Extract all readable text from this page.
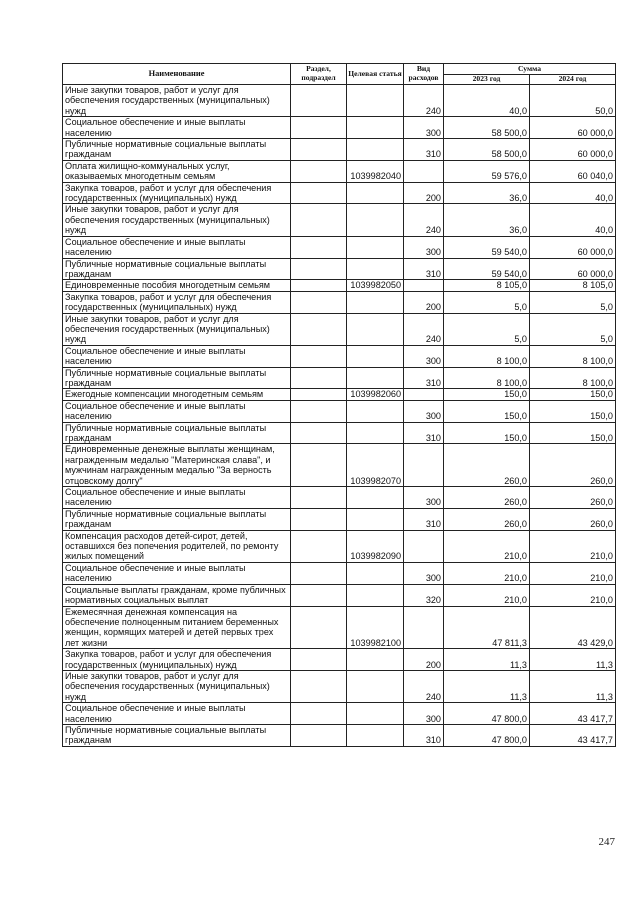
Наименование	Раздел, подраздел	Целевая статья	Вид расходов	Сумма	
				2023 год	2024 год
Иные закупки товаров, работ и услуг для обеспечения государственных (муниципальных) нужд			240	40,0	50,0
Социальное обеспечение и иные выплаты населению			300	58 500,0	60 000,0
Публичные нормативные социальные выплаты гражданам			310	58 500,0	60 000,0
Оплата жилищно-коммунальных услуг, оказываемых многодетным семьям		1039982040		59 576,0	60 040,0
Закупка товаров, работ и услуг для обеспечения государственных (муниципальных) нужд			200	36,0	40,0
Иные закупки товаров, работ и услуг для обеспечения государственных (муниципальных) нужд			240	36,0	40,0
Социальное обеспечение и иные выплаты населению			300	59 540,0	60 000,0
Публичные нормативные социальные выплаты гражданам			310	59 540,0	60 000,0
Единовременные пособия многодетным семьям		1039982050		8 105,0	8 105,0
Закупка товаров, работ и услуг для обеспечения государственных (муниципальных) нужд			200	5,0	5,0
Иные закупки товаров, работ и услуг для обеспечения государственных (муниципальных) нужд			240	5,0	5,0
Социальное обеспечение и иные выплаты населению			300	8 100,0	8 100,0
Публичные нормативные социальные выплаты гражданам			310	8 100,0	8 100,0
Ежегодные компенсации многодетным семьям		1039982060		150,0	150,0
Социальное обеспечение и иные выплаты населению			300	150,0	150,0
Публичные нормативные социальные выплаты гражданам			310	150,0	150,0
Единовременные денежные выплаты женщинам, награжденным медалью "Материнская слава", и мужчинам награжденным медалью "За верность отцовскому долгу"		1039982070		260,0	260,0
Социальное обеспечение и иные выплаты населению			300	260,0	260,0
Публичные нормативные социальные выплаты гражданам			310	260,0	260,0
Компенсация расходов детей-сирот, детей, оставшихся без попечения родителей, по ремонту жилых помещений		1039982090		210,0	210,0
Социальное обеспечение и иные выплаты населению			300	210,0	210,0
Социальные выплаты гражданам, кроме публичных нормативных социальных выплат			320	210,0	210,0
Ежемесячная денежная компенсация на обеспечение полноценным питанием беременных женщин, кормящих матерей и детей первых трех лет жизни		1039982100		47 811,3	43 429,0
Закупка товаров, работ и услуг для обеспечения государственных (муниципальных) нужд			200	11,3	11,3
Иные закупки товаров, работ и услуг для обеспечения государственных (муниципальных) нужд			240	11,3	11,3
Социальное обеспечение и иные выплаты населению			300	47 800,0	43 417,7
Публичные нормативные социальные выплаты гражданам			310	47 800,0	43 417,7
247
